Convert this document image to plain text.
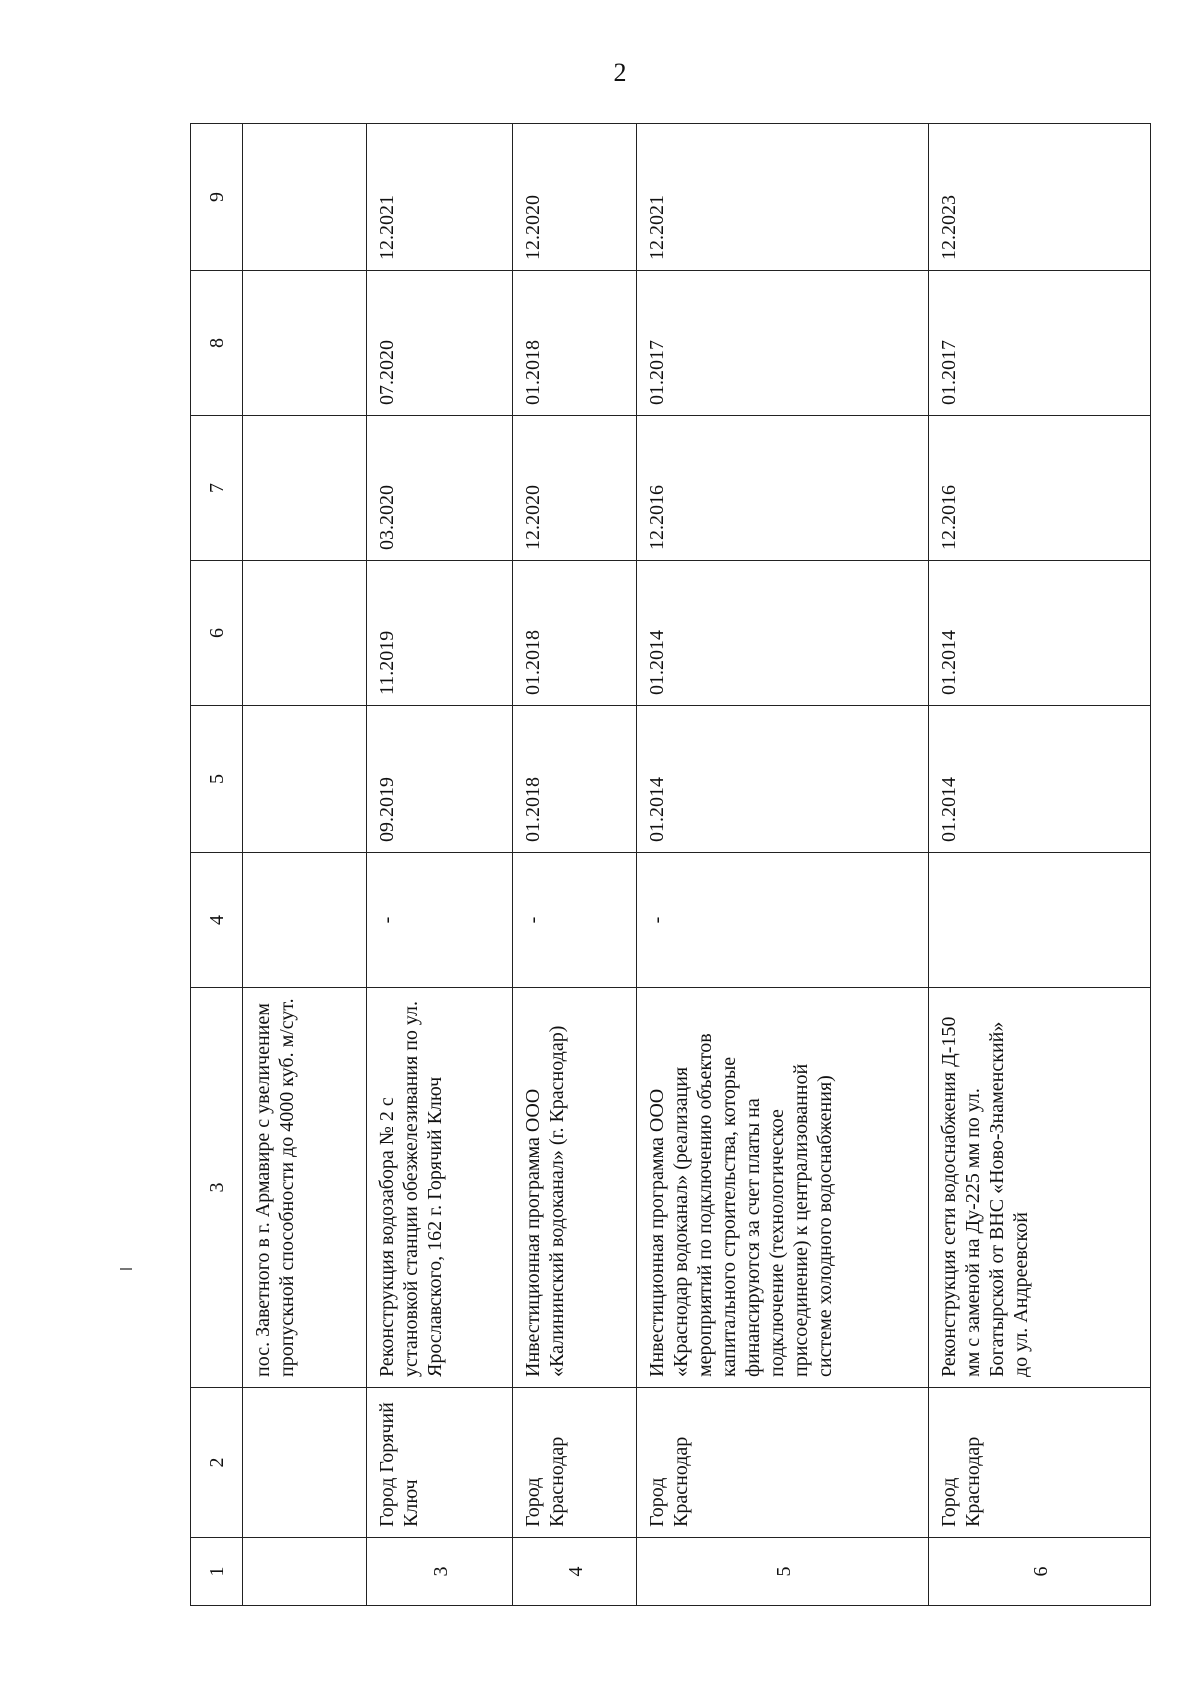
2
1	2	3	4	5	6	7	8	9
		пос. Заветного в г. Армавире с увеличением пропускной способности до 4000 куб. м/сут.						
3	Город Горячий Ключ	Реконструкция водозабора № 2 с установкой станции обезжелезивания по ул. Ярославского, 162 г. Горячий Ключ	-	09.2019	11.2019	03.2020	07.2020	12.2021
4	Город Краснодар	Инвестиционная программа ООО «Калининский водоканал» (г. Краснодар)	-	01.2018	01.2018	12.2020	01.2018	12.2020
5	Город Краснодар	Инвестиционная программа ООО «Краснодар водоканал» (реализация мероприятий по подключению объектов капитального строительства, которые финансируются за счет платы на подключение (технологическое присоединение) к централизованной системе холодного водоснабжения)	-	01.2014	01.2014	12.2016	01.2017	12.2021
6	Город Краснодар	Реконструкция сети водоснабжения Д-150 мм с заменой на Ду-225 мм по ул. Богатырской от ВНС «Ново-Знаменский» до ул. Андреевской		01.2014	01.2014	12.2016	01.2017	12.2023
